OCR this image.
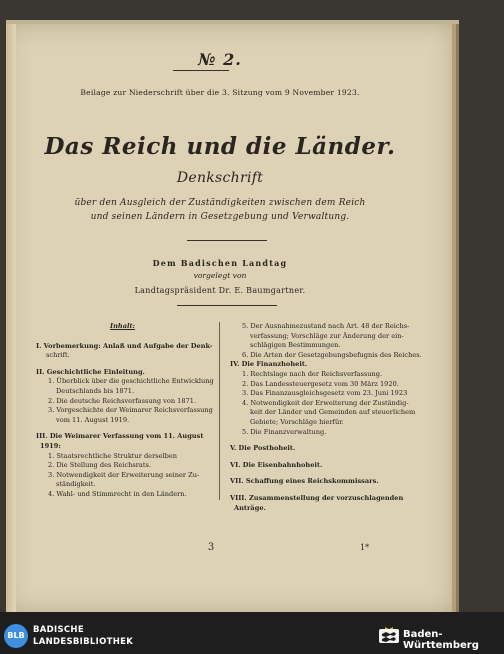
№ 2.
Beilage zur Niederschrift über die 3. Sitzung vom 9 November 1923.
Das Reich und die Länder.
Denkschrift
über den Ausgleich der Zuständigkeiten zwischen dem Reich
und seinen Ländern in Gesetzgebung und Verwaltung.
Dem Badischen Landtag
vorgelegt von
Landtagspräsident Dr. E. Baumgartner.
Inhalt:
I. Vorbemerkung: Anlaß und Aufgabe der Denk-
schrift.
II. Geschichtliche Einleitung.
1. Überblick über die geschichtliche Entwicklung
Deutschlands bis 1871.
2. Die deutsche Reichsverfassung von 1871.
3. Vorgeschichte der Weimarer Reichsverfassung
vom 11. August 1919.
III. Die Weimarer Verfassung vom 11. August 1919:
1. Staatsrechtliche Struktur derselben
2. Die Stellung des Reichsrats.
3. Notwendigkeit der Erweiterung seiner Zu-
ständigkeit.
4. Wahl- und Stimmrecht in den Ländern.
5. Der Ausnahmezustand nach Art. 48 der Reichs-
verfassung; Vorschläge zur Änderung der ein-
schlägigen Bestimmungen.
6. Die Arten der Gesetzgebungsbefugnis des Reiches.
IV. Die Finanzhoheit.
1. Rechtslage nach der Reichsverfassung.
2. Das Landessteuergesetz vom 30 März 1920.
3. Das Finanzausgleichsgesetz vom 23. Juni 1923
4. Notwendigkeit der Erweiterung der Zuständig-
keit der Länder und Gemeinden auf steuerlichem
Gebiete; Vorschläge hierfür.
5. Die Finanzverwaltung.
V. Die Posthoheit.
VI. Die Eisenbahnhoheit.
VII. Schaffung eines Reichskommissars.
VIII. Zusammenstellung der vorzuschlagenden Anträge.
3	1*
BLB
BADISCHE
LANDESBIBLIOTHEK
Baden-Württemberg
